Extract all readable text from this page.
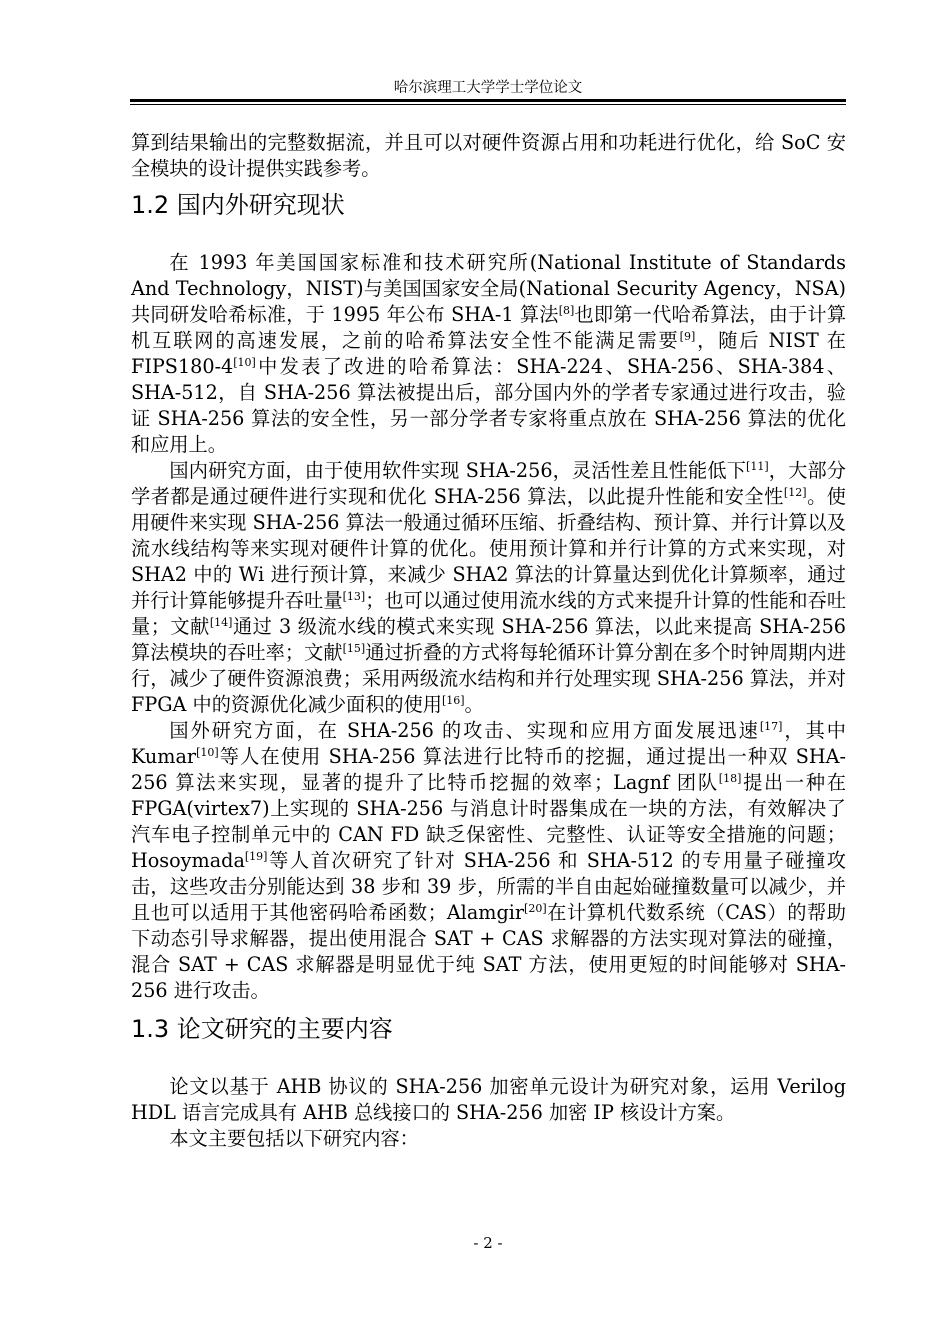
哈尔滨理工大学学士学位论文

算到结果输出的完整数据流，并且可以对硬件资源占用和功耗进行优化，给 SoC 安全模块的设计提供实践参考。

1.2 国内外研究现状

在 1993 年美国国家标准和技术研究所(National Institute of Standards And Technology，NIST)与美国国家安全局(National Security Agency，NSA)共同研发哈希标准，于 1995 年公布 SHA-1 算法[8]也即第一代哈希算法，由于计算机互联网的高速发展，之前的哈希算法安全性不能满足需要[9]，随后 NIST 在 FIPS180-4[10]中发表了改进的哈希算法：SHA-224、SHA-256、SHA-384、SHA-512，自 SHA-256 算法被提出后，部分国内外的学者专家通过进行攻击，验证 SHA-256 算法的安全性，另一部分学者专家将重点放在 SHA-256 算法的优化和应用上。

国内研究方面，由于使用软件实现 SHA-256，灵活性差且性能低下[11]，大部分学者都是通过硬件进行实现和优化 SHA-256 算法，以此提升性能和安全性[12]。使用硬件来实现 SHA-256 算法一般通过循环压缩、折叠结构、预计算、并行计算以及流水线结构等来实现对硬件计算的优化。使用预计算和并行计算的方式来实现，对 SHA2 中的 Wi 进行预计算，来减少 SHA2 算法的计算量达到优化计算频率，通过并行计算能够提升吞吐量[13]；也可以通过使用流水线的方式来提升计算的性能和吞吐量；文献[14]通过 3 级流水线的模式来实现 SHA-256 算法，以此来提高 SHA-256 算法模块的吞吐率；文献[15]通过折叠的方式将每轮循环计算分割在多个时钟周期内进行，减少了硬件资源浪费；采用两级流水结构和并行处理实现 SHA-256 算法，并对 FPGA 中的资源优化减少面积的使用[16]。

国外研究方面，在 SHA-256 的攻击、实现和应用方面发展迅速[17]，其中 Kumar[10]等人在使用 SHA-256 算法进行比特币的挖掘，通过提出一种双 SHA-256 算法来实现，显著的提升了比特币挖掘的效率；Lagnf 团队[18]提出一种在 FPGA(virtex7)上实现的 SHA-256 与消息计时器集成在一块的方法，有效解决了汽车电子控制单元中的 CAN FD 缺乏保密性、完整性、认证等安全措施的问题；Hosoymada[19]等人首次研究了针对 SHA-256 和 SHA-512 的专用量子碰撞攻击，这些攻击分别能达到 38 步和 39 步，所需的半自由起始碰撞数量可以减少，并且也可以适用于其他密码哈希函数；Alamgir[20]在计算机代数系统（CAS）的帮助下动态引导求解器，提出使用混合 SAT + CAS 求解器的方法实现对算法的碰撞，混合 SAT + CAS 求解器是明显优于纯 SAT 方法，使用更短的时间能够对 SHA-256 进行攻击。

1.3 论文研究的主要内容

论文以基于 AHB 协议的 SHA-256 加密单元设计为研究对象，运用 Verilog HDL 语言完成具有 AHB 总线接口的 SHA-256 加密 IP 核设计方案。

本文主要包括以下研究内容：

- 2 -
